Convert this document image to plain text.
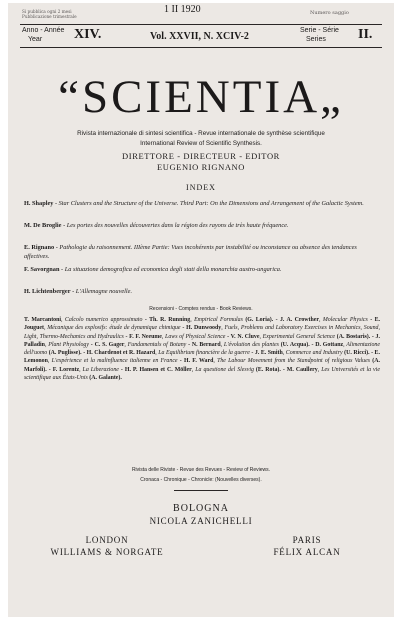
Si pubblica ogni 2 mesi
Pubblicazione trimestrale
1 II 1920	Numero saggio
Anno - Année
Year XIV.	Vol. XXVII, N. XCIV-2
Serie - Série
Series II.
“SCIENTIA„
Rivista internazionale di sintesi scientifica - Revue internationale de synthèse scientifique
International Review of Scientific Synthesis.
DIRETTORE - DIRECTEUR - EDITOR
EUGENIO RIGNANO
INDEX
H. Shapley - Star Clusters and the Structure of the Universe. Third Part: On the Dimensions and Arrangement of the Galactic System.
M. De Broglie - Les portes des nouvelles découvertes dans la région des rayons de très haute fréquence.
E. Rignano - Pathologie du raisonnement. IIIème Partie: Vues incohérents par instabilité ou inconstance ou absence des tendances affectives.
F. Savorgnan - La situazione demografica ed economica degli stati della monarchia austro-ungarica.
H. Lichtenberger - L'Allemagne nouvelle.
Recensioni - Comptes rendus - Book Reviews.
T. Marcantoni, Calcolo numerico approssimato - Th. R. Running, Empirical Formulas (G. Loria). - J. A. Crowther, Molecular Physics - E. Jouguet, Mécanique des explosifs: étude de dynamique chimique - H. Dunwoody, Fuels, Problems and Laboratory Exercises in Mechanics, Sound, Light, Thermo-Mechanics and Hydraulics - F. F. Neeume, Laws of Physical Science - V. N. Cluve, Experimental General Science (A. Bostaris). - J. Palladin, Plant Physiology - C. S. Gager, Fundamentals of Botany - N. Bernard, L'évolution des plantes (U. Acqua). - D. Gottanz, Alimentazione dell'uomo (A. Puglisse). - H. Chardenot et R. Hazard, La Equilibrium financière de la guerre - J. E. Smith, Commerce and Industry (U. Ricci). - E. Lemonon, L'expérience et la malinfluence italienne en France - H. F. Ward, The Labour Movement from the Standpoint of religious Values (A. Marfoli). - F. Lorentz, La Liberazione - H. P. Hansen et C. Möller, La questione del Slesvig (E. Rota). - M. Caullery, Les Universités et la vie scientifique aux États-Unis (A. Galante).
Rivista delle Riviste - Revue des Revues - Review of Reviews.
Cronaca - Chronique - Chronicle: (Nouvelles diverses).
BOLOGNA
NICOLA ZANICHELLI
LONDON
WILLIAMS & NORGATE
PARIS
FÉLIX ALCAN
